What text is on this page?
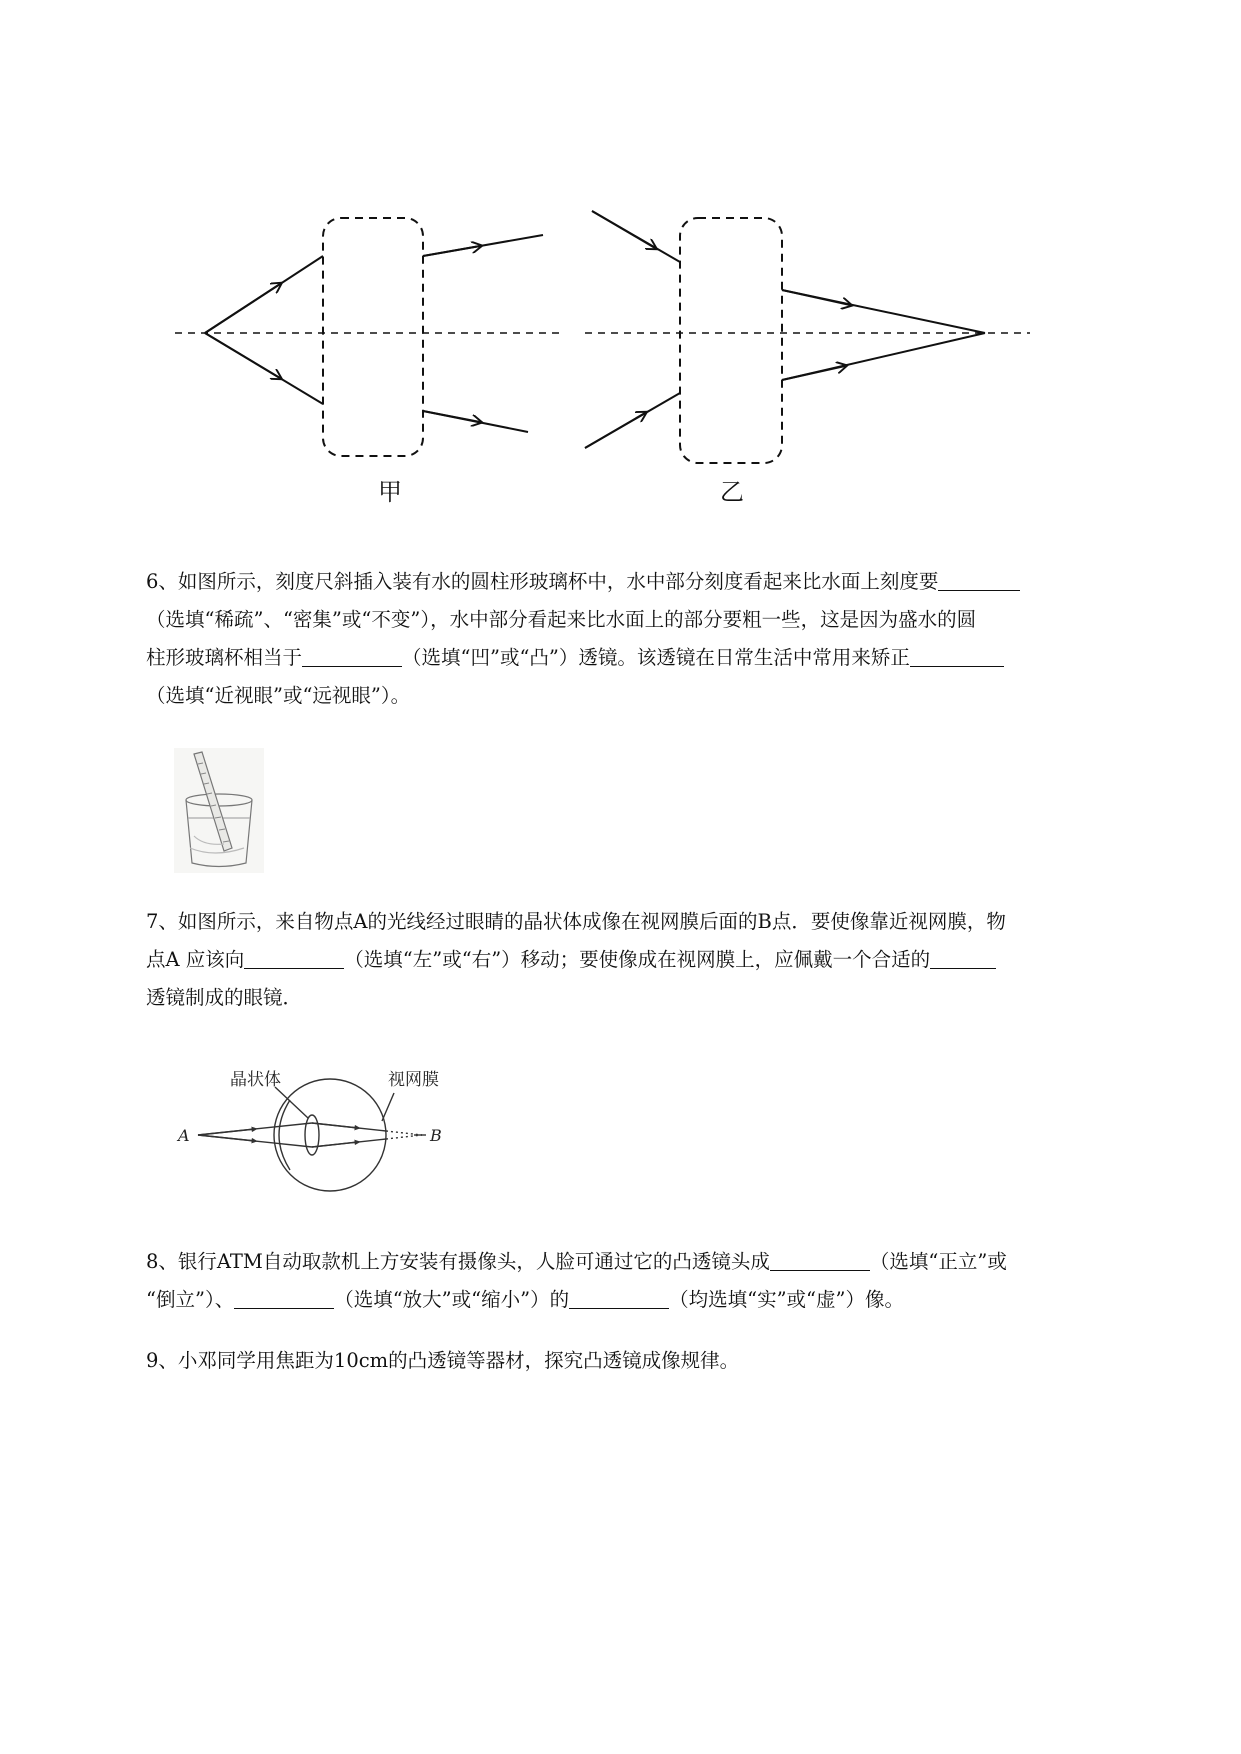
甲	乙
6、如图所示，刻度尺斜插入装有水的圆柱形玻璃杯中，水中部分刻度看起来比水面上刻度要
（选填“稀疏”、“密集”或“不变”），水中部分看起来比水面上的部分要粗一些，这是因为盛水的圆
柱形玻璃杯相当于	（选填“凹”或“凸”）透镜。该透镜在日常生活中常用来矫正
（选填“近视眼”或“远视眼”）。
7、如图所示，来自物点A的光线经过眼睛的晶状体成像在视网膜后面的B点．要使像靠近视网膜，物
点A 应该向	（选填“左”或“右”）移动；要使像成在视网膜上，应佩戴一个合适的
透镜制成的眼镜．
晶状体	视网膜
A	B
8、银行ATM自动取款机上方安装有摄像头，人脸可通过它的凸透镜头成	（选填“正立”或
“倒立”）、	（选填“放大”或“缩小”）的	（均选填“实”或“虚”）像。
9、小邓同学用焦距为10cm的凸透镜等器材，探究凸透镜成像规律。
